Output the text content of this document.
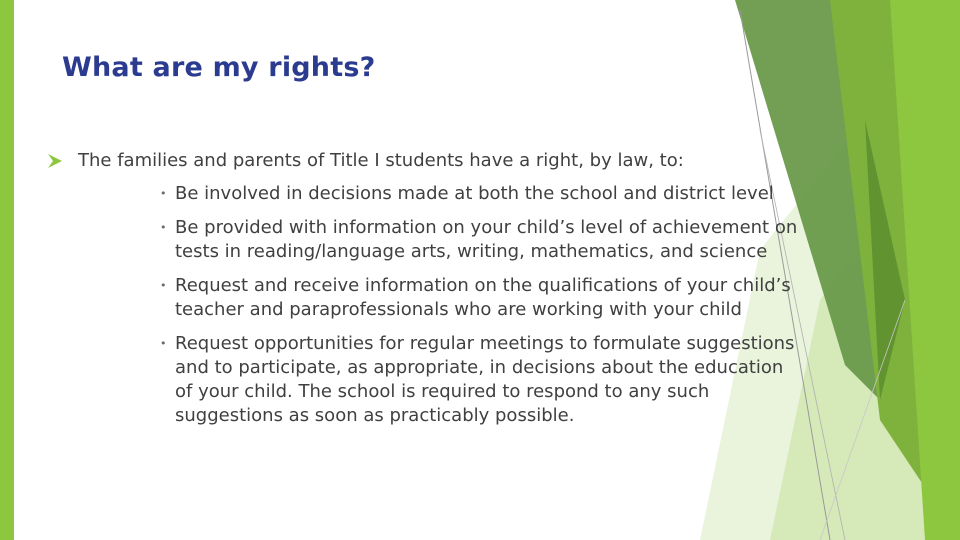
What are my rights?
The families and parents of Title I students have a right, by law, to:
• Be involved in decisions made at both the school and district level
• Be provided with information on your child’s level of achievement on tests in reading/language arts, writing, mathematics, and science
• Request and receive information on the qualifications of your child’s teacher and paraprofessionals who are working with your child
• Request opportunities for regular meetings to formulate suggestions and to participate, as appropriate, in decisions about the education of your child. The school is required to respond to any such suggestions as soon as practicably possible.
